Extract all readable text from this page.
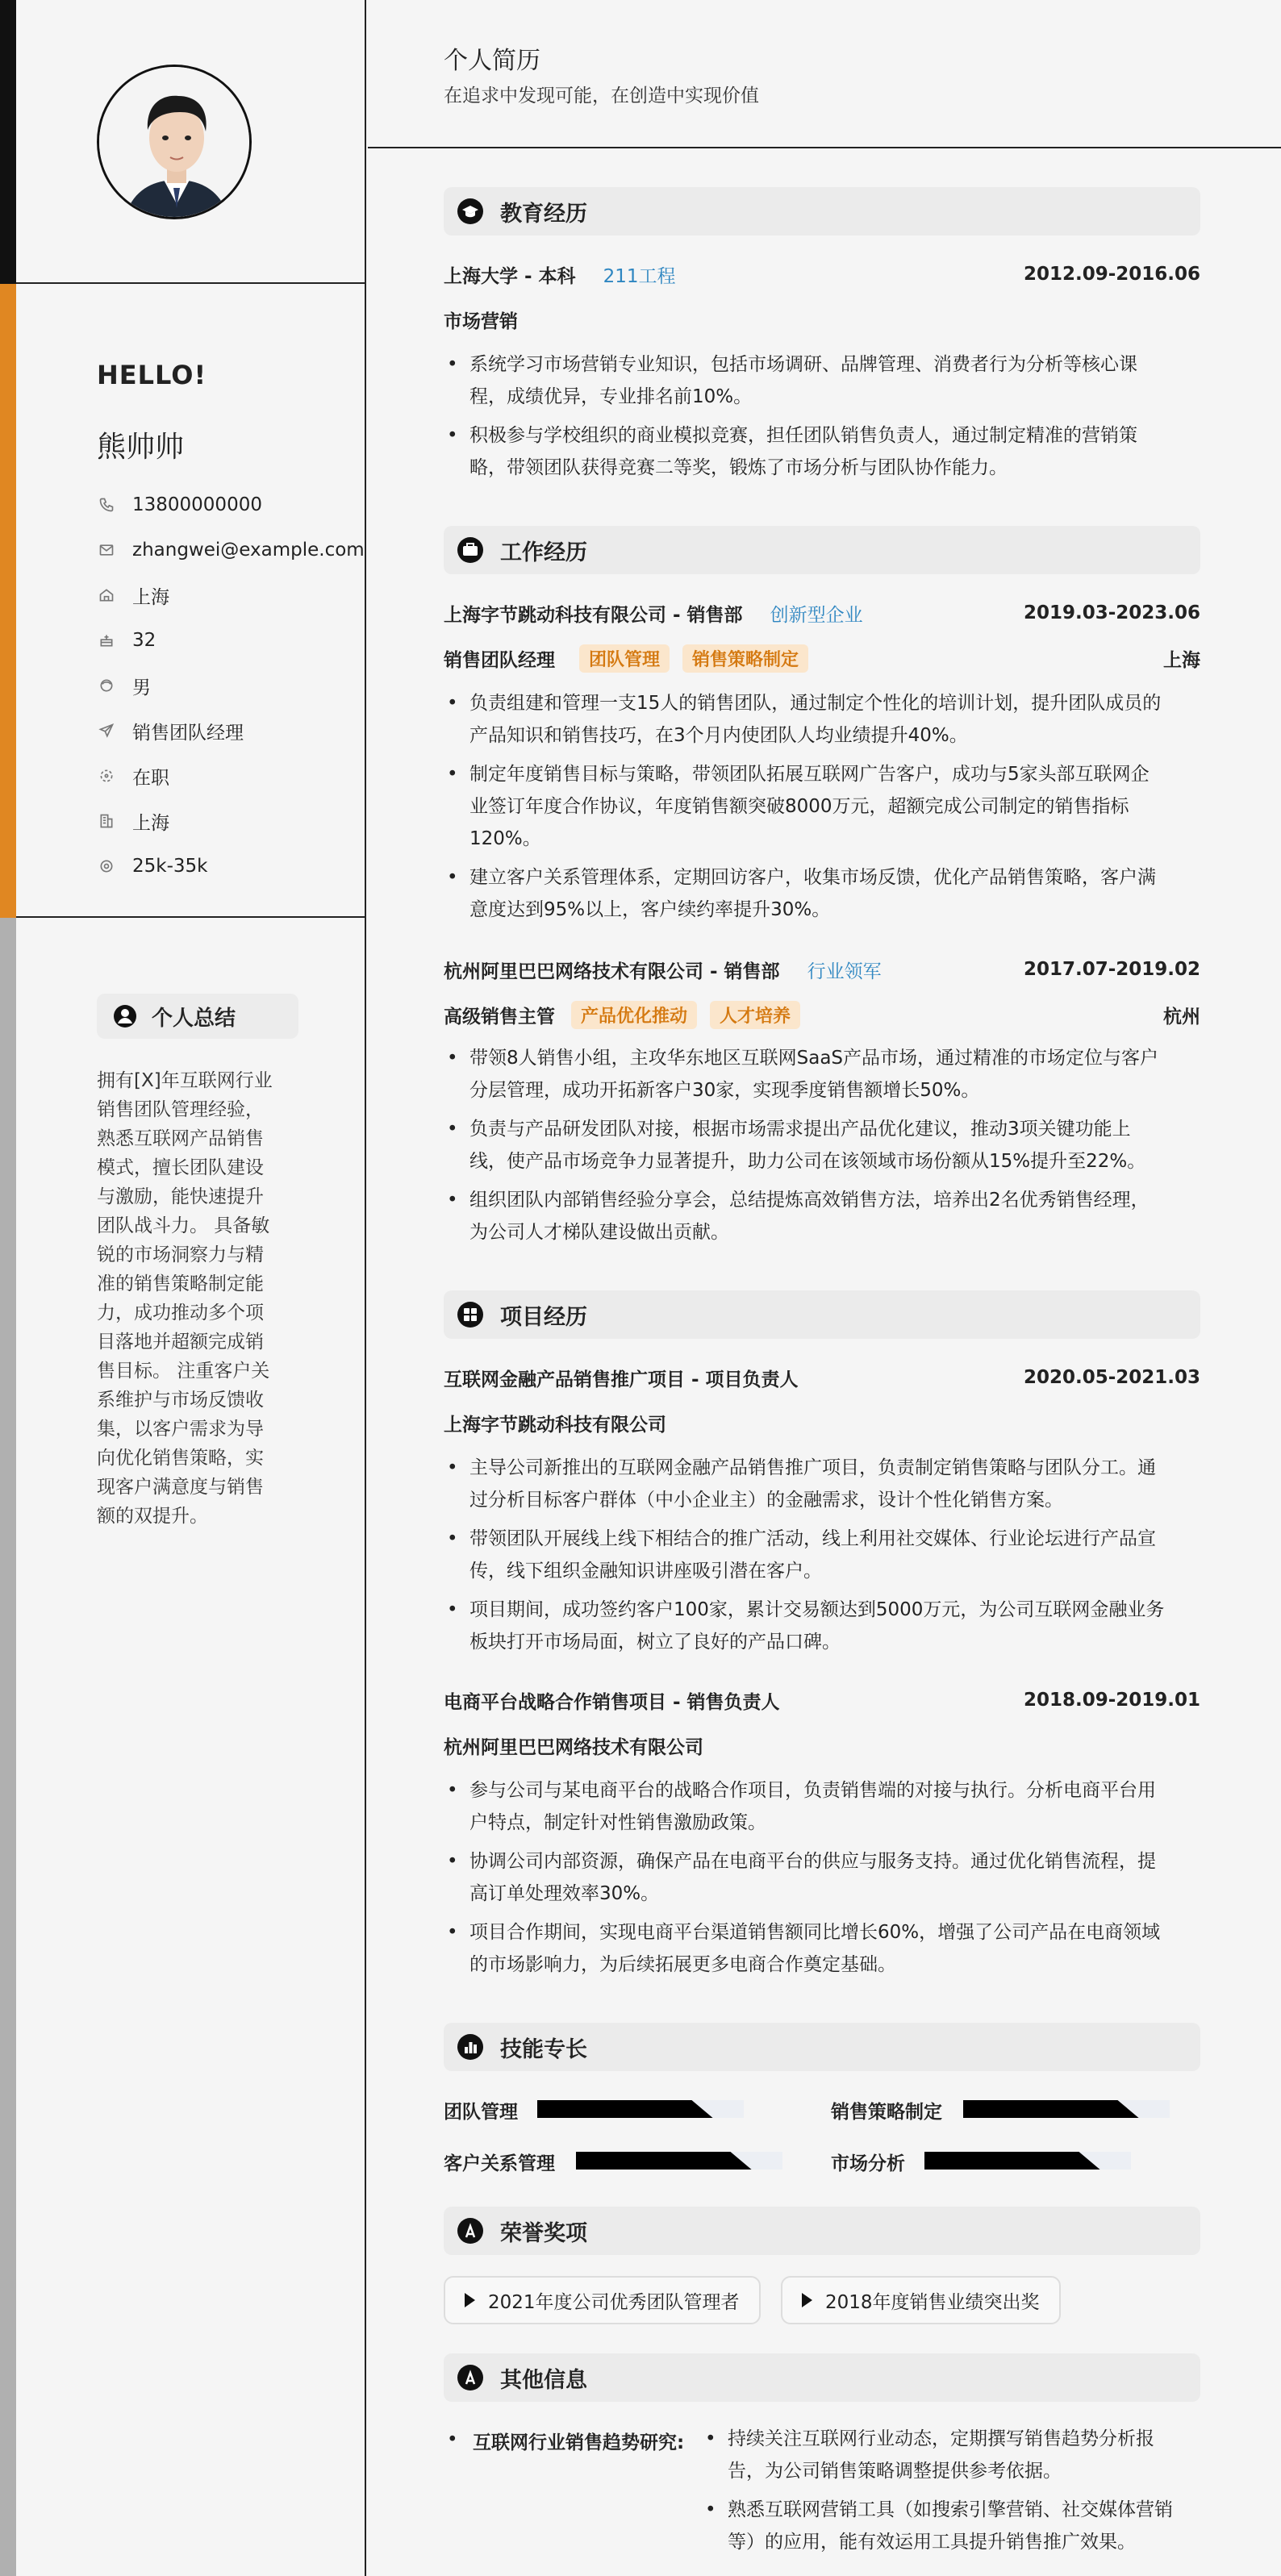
HELLO!
熊帅帅
13800000000
zhangwei@example.com
上海
32
男
销售团队经理
在职
上海
25k-35k
个人总结
拥有[X]年互联网行业
销售团队管理经验，
熟悉互联网产品销售
模式，擅长团队建设
与激励，能快速提升
团队战斗力。 具备敏
锐的市场洞察力与精
准的销售策略制定能
力，成功推动多个项
目落地并超额完成销
售目标。 注重客户关
系维护与市场反馈收
集，以客户需求为导
向优化销售策略，实
现客户满意度与销售
额的双提升。
个人简历
在追求中发现可能，在创造中实现价值
教育经历
上海大学 - 本科 211工程	2012.09-2016.06
市场营销
• 系统学习市场营销专业知识，包括市场调研、品牌管理、消费者行为分析等核心课
程，成绩优异，专业排名前10%。
• 积极参与学校组织的商业模拟竞赛，担任团队销售负责人，通过制定精准的营销策
略，带领团队获得竞赛二等奖，锻炼了市场分析与团队协作能力。
工作经历
上海字节跳动科技有限公司 - 销售部 创新型企业	2019.03-2023.06
销售团队经理	团队管理	销售策略制定	上海
• 负责组建和管理一支15人的销售团队，通过制定个性化的培训计划，提升团队成员的
产品知识和销售技巧，在3个月内使团队人均业绩提升40%。
• 制定年度销售目标与策略，带领团队拓展互联网广告客户，成功与5家头部互联网企
业签订年度合作协议，年度销售额突破8000万元，超额完成公司制定的销售指标
120%。
• 建立客户关系管理体系，定期回访客户，收集市场反馈，优化产品销售策略，客户满
意度达到95%以上，客户续约率提升30%。
杭州阿里巴巴网络技术有限公司 - 销售部 行业领军	2017.07-2019.02
高级销售主管	产品优化推动	人才培养	杭州
• 带领8人销售小组，主攻华东地区互联网SaaS产品市场，通过精准的市场定位与客户
分层管理，成功开拓新客户30家，实现季度销售额增长50%。
• 负责与产品研发团队对接，根据市场需求提出产品优化建议，推动3项关键功能上
线，使产品市场竞争力显著提升，助力公司在该领域市场份额从15%提升至22%。
• 组织团队内部销售经验分享会，总结提炼高效销售方法，培养出2名优秀销售经理，
为公司人才梯队建设做出贡献。
项目经历
互联网金融产品销售推广项目 - 项目负责人	2020.05-2021.03
上海字节跳动科技有限公司
• 主导公司新推出的互联网金融产品销售推广项目，负责制定销售策略与团队分工。通
过分析目标客户群体（中小企业主）的金融需求，设计个性化销售方案。
• 带领团队开展线上线下相结合的推广活动，线上利用社交媒体、行业论坛进行产品宣
传，线下组织金融知识讲座吸引潜在客户。
• 项目期间，成功签约客户100家，累计交易额达到5000万元，为公司互联网金融业务
板块打开市场局面，树立了良好的产品口碑。
电商平台战略合作销售项目 - 销售负责人	2018.09-2019.01
杭州阿里巴巴网络技术有限公司
• 参与公司与某电商平台的战略合作项目，负责销售端的对接与执行。分析电商平台用
户特点，制定针对性销售激励政策。
• 协调公司内部资源，确保产品在电商平台的供应与服务支持。通过优化销售流程，提
高订单处理效率30%。
• 项目合作期间，实现电商平台渠道销售额同比增长60%，增强了公司产品在电商领域
的市场影响力，为后续拓展更多电商合作奠定基础。
技能专长
团队管理	销售策略制定
客户关系管理	市场分析
荣誉奖项
2021年度公司优秀团队管理者	2018年度销售业绩突出奖
其他信息
• 互联网行业销售趋势研究:
• 持续关注互联网行业动态，定期撰写销售趋势分析报
告，为公司销售策略调整提供参考依据。
• 熟悉互联网营销工具（如搜索引擎营销、社交媒体营销
等）的应用，能有效运用工具提升销售推广效果。
